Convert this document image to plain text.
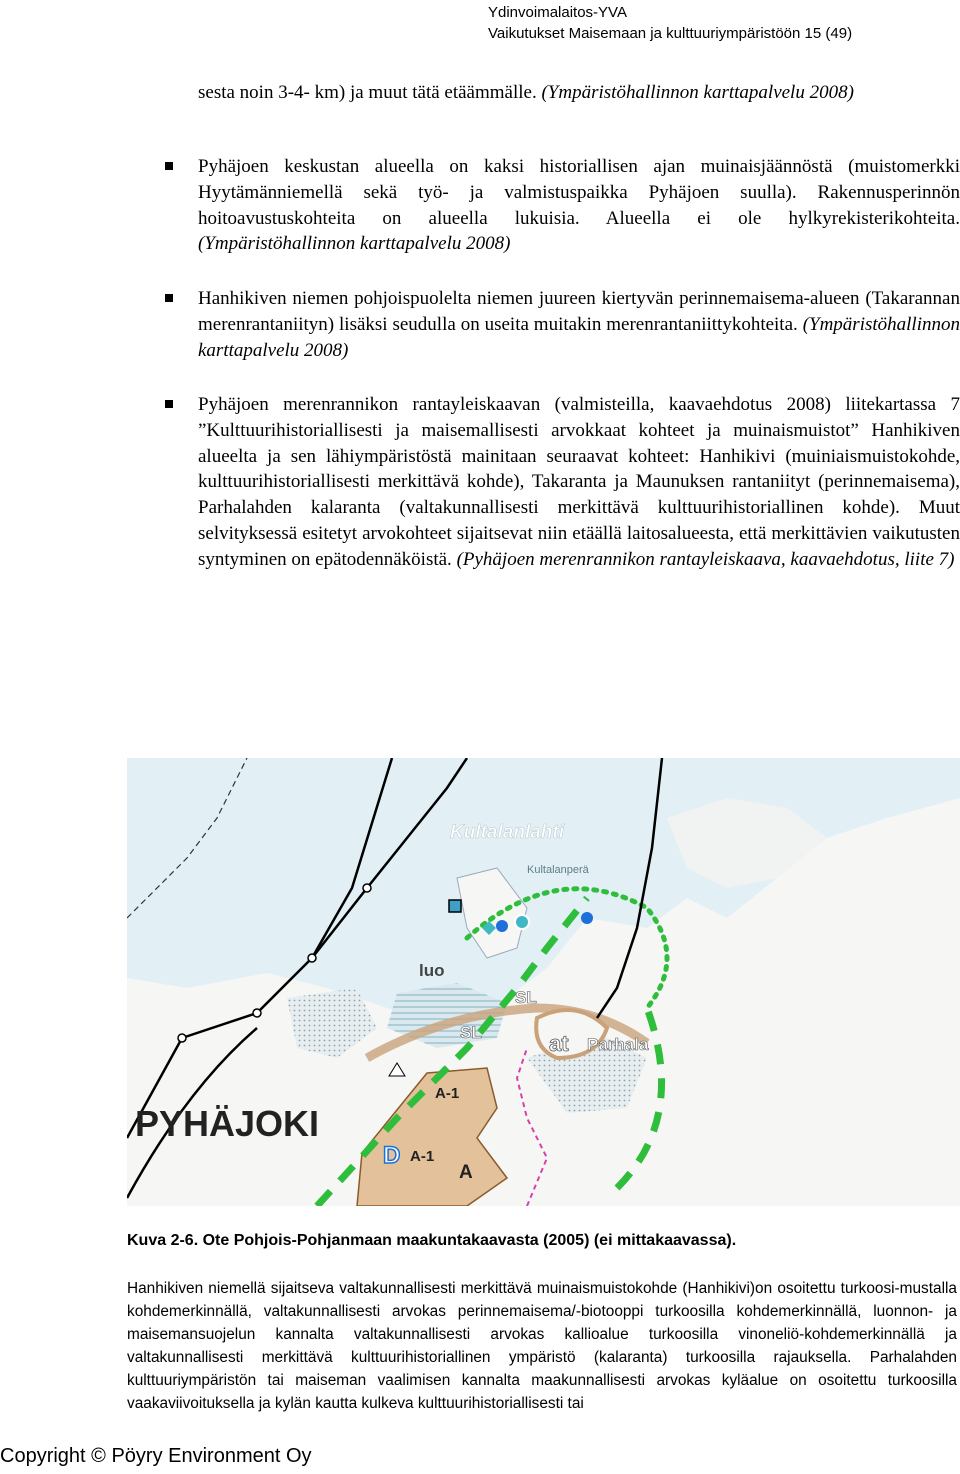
Ydinvoimalaitos-YVA
Vaikutukset Maisemaan ja kulttuuriympäristöön 15 (49)
sesta noin 3-4- km) ja muut tätä etäämmälle. (Ympäristöhallinnon karttapalvelu 2008)
Pyhäjoen keskustan alueella on kaksi historiallisen ajan muinaisjäännöstä (muistomerkki Hyytämänniemellä sekä työ- ja valmistuspaikka Pyhäjoen suulla). Rakennusperinnön hoitoavustuskohteita on alueella lukuisia. Alueella ei ole hylkyrekisterikohteita. (Ympäristöhallinnon karttapalvelu 2008)
Hanhikiven niemen pohjoispuolelta niemen juureen kiertyvän perinnemaisema-alueen (Takarannan merenrantaniityn) lisäksi seudulla on useita muitakin merenrantaniittykohteita. (Ympäristöhallinnon karttapalvelu 2008)
Pyhäjoen merenrannikon rantayleiskaavan (valmisteilla, kaavaehdotus 2008) liitekartassa 7 ”Kulttuurihistoriallisesti ja maisemallisesti arvokkaat kohteet ja muinaismuistot” Hanhikiven alueelta ja sen lähiympäristöstä mainitaan seuraavat kohteet: Hanhikivi (muiniaismuistokohde, kulttuurihistoriallisesti merkittävä kohde), Takaranta ja Maunuksen rantaniityt (perinnemaisema), Parhalahden kalaranta (valtakunnallisesti merkittävä kulttuurihistoriallinen kohde). Muut selvityksessä esitetyt arvokohteet sijaitsevat niin etäällä laitosalueesta, että merkittävien vaikutusten syntyminen on epätodennäköistä. (Pyhäjoen merenrannikon rantayleiskaava, kaavaehdotus, liite 7)
Kultalanlahti
Kultalanperä
luo
SL
SL	at Parhala
PYHÄJOKI
A-1
A-1
A
D
Kuva 2-6. Ote Pohjois-Pohjanmaan maakuntakaavasta (2005) (ei mittakaavassa).
Hanhikiven niemellä sijaitseva valtakunnallisesti merkittävä muinaismuistokohde (Hanhikivi)on osoitettu turkoosi-mustalla kohdemerkinnällä, valtakunnallisesti arvokas perinnemaisema/-biotooppi turkoosilla kohdemerkinnällä, luonnon- ja maisemansuojelun kannalta valtakunnallisesti arvokas kallioalue turkoosilla vinoneliö-kohdemerkinnällä ja valtakunnallisesti merkittävä kulttuurihistoriallinen ympäristö (kalaranta) turkoosilla rajauksella. Parhalahden kulttuuriympäristön tai maiseman vaalimisen kannalta maakunnallisesti arvokas kyläalue on osoitettu turkoosilla vaakaviivoituksella ja kylän kautta kulkeva kulttuurihistoriallisesti tai
Copyright © Pöyry Environment Oy
